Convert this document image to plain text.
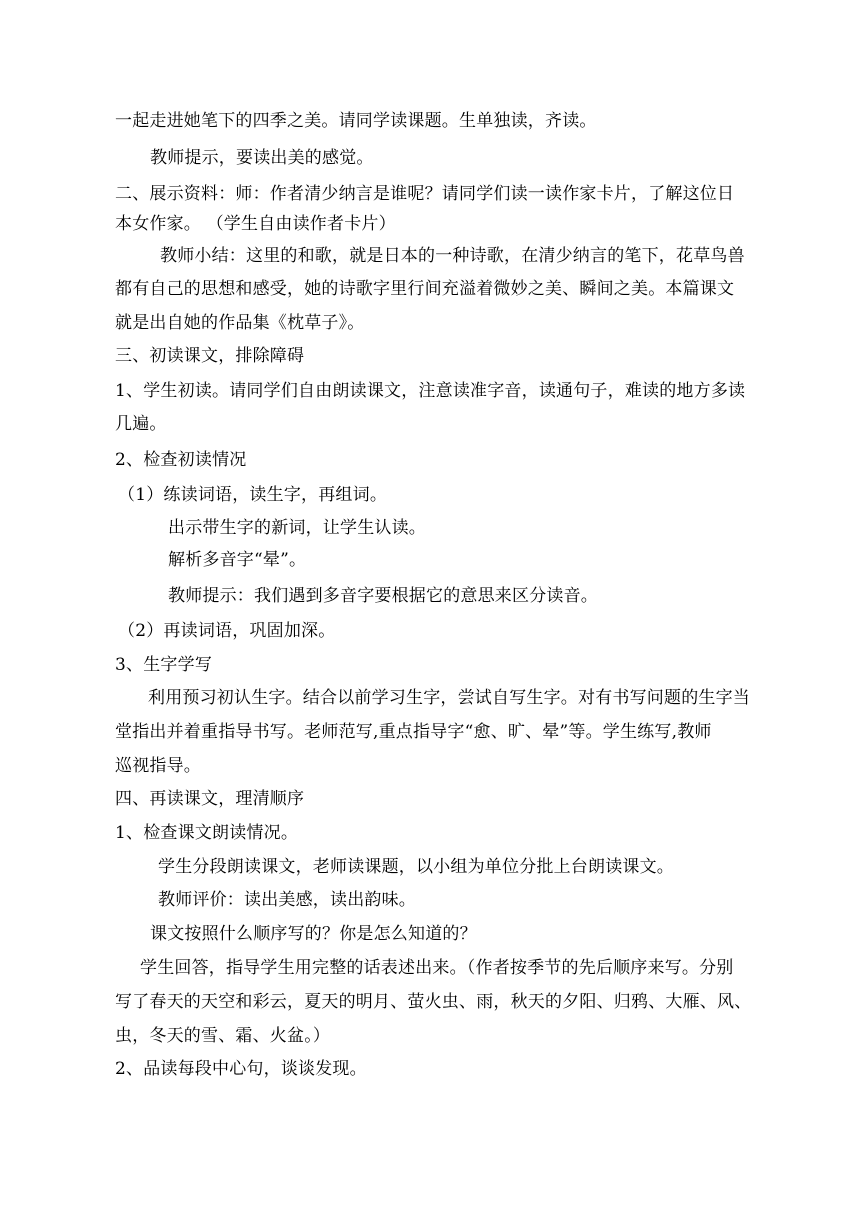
一起走进她笔下的四季之美。请同学读课题。生单独读，齐读。
教师提示，要读出美的感觉。
二、展示资料：师：作者清少纳言是谁呢？请同学们读一读作家卡片，了解这位日
本女作家。 （学生自由读作者卡片）
教师小结：这里的和歌，就是日本的一种诗歌，在清少纳言的笔下，花草鸟兽
都有自己的思想和感受，她的诗歌字里行间充溢着微妙之美、瞬间之美。本篇课文
就是出自她的作品集《枕草子》。
三、初读课文，排除障碍
1、学生初读。请同学们自由朗读课文，注意读准字音，读通句子，难读的地方多读
几遍。
2、检查初读情况
（1）练读词语，读生字，再组词。
出示带生字的新词，让学生认读。
解析多音字“晕”。
教师提示：我们遇到多音字要根据它的意思来区分读音。
（2）再读词语，巩固加深。
3、生字学写
利用预习初认生字。结合以前学习生字，尝试自写生字。对有书写问题的生字当
堂指出并着重指导书写。老师范写,重点指导字“愈、旷、晕”等。学生练写,教师
巡视指导。
四、再读课文，理清顺序
1、检查课文朗读情况。
学生分段朗读课文，老师读课题，以小组为单位分批上台朗读课文。
教师评价：读出美感，读出韵味。
课文按照什么顺序写的？你是怎么知道的？
学生回答，指导学生用完整的话表述出来。（作者按季节的先后顺序来写。分别
写了春天的天空和彩云，夏天的明月、萤火虫、雨，秋天的夕阳、归鸦、大雁、风、
虫，冬天的雪、霜、火盆。）
2、品读每段中心句，谈谈发现。
